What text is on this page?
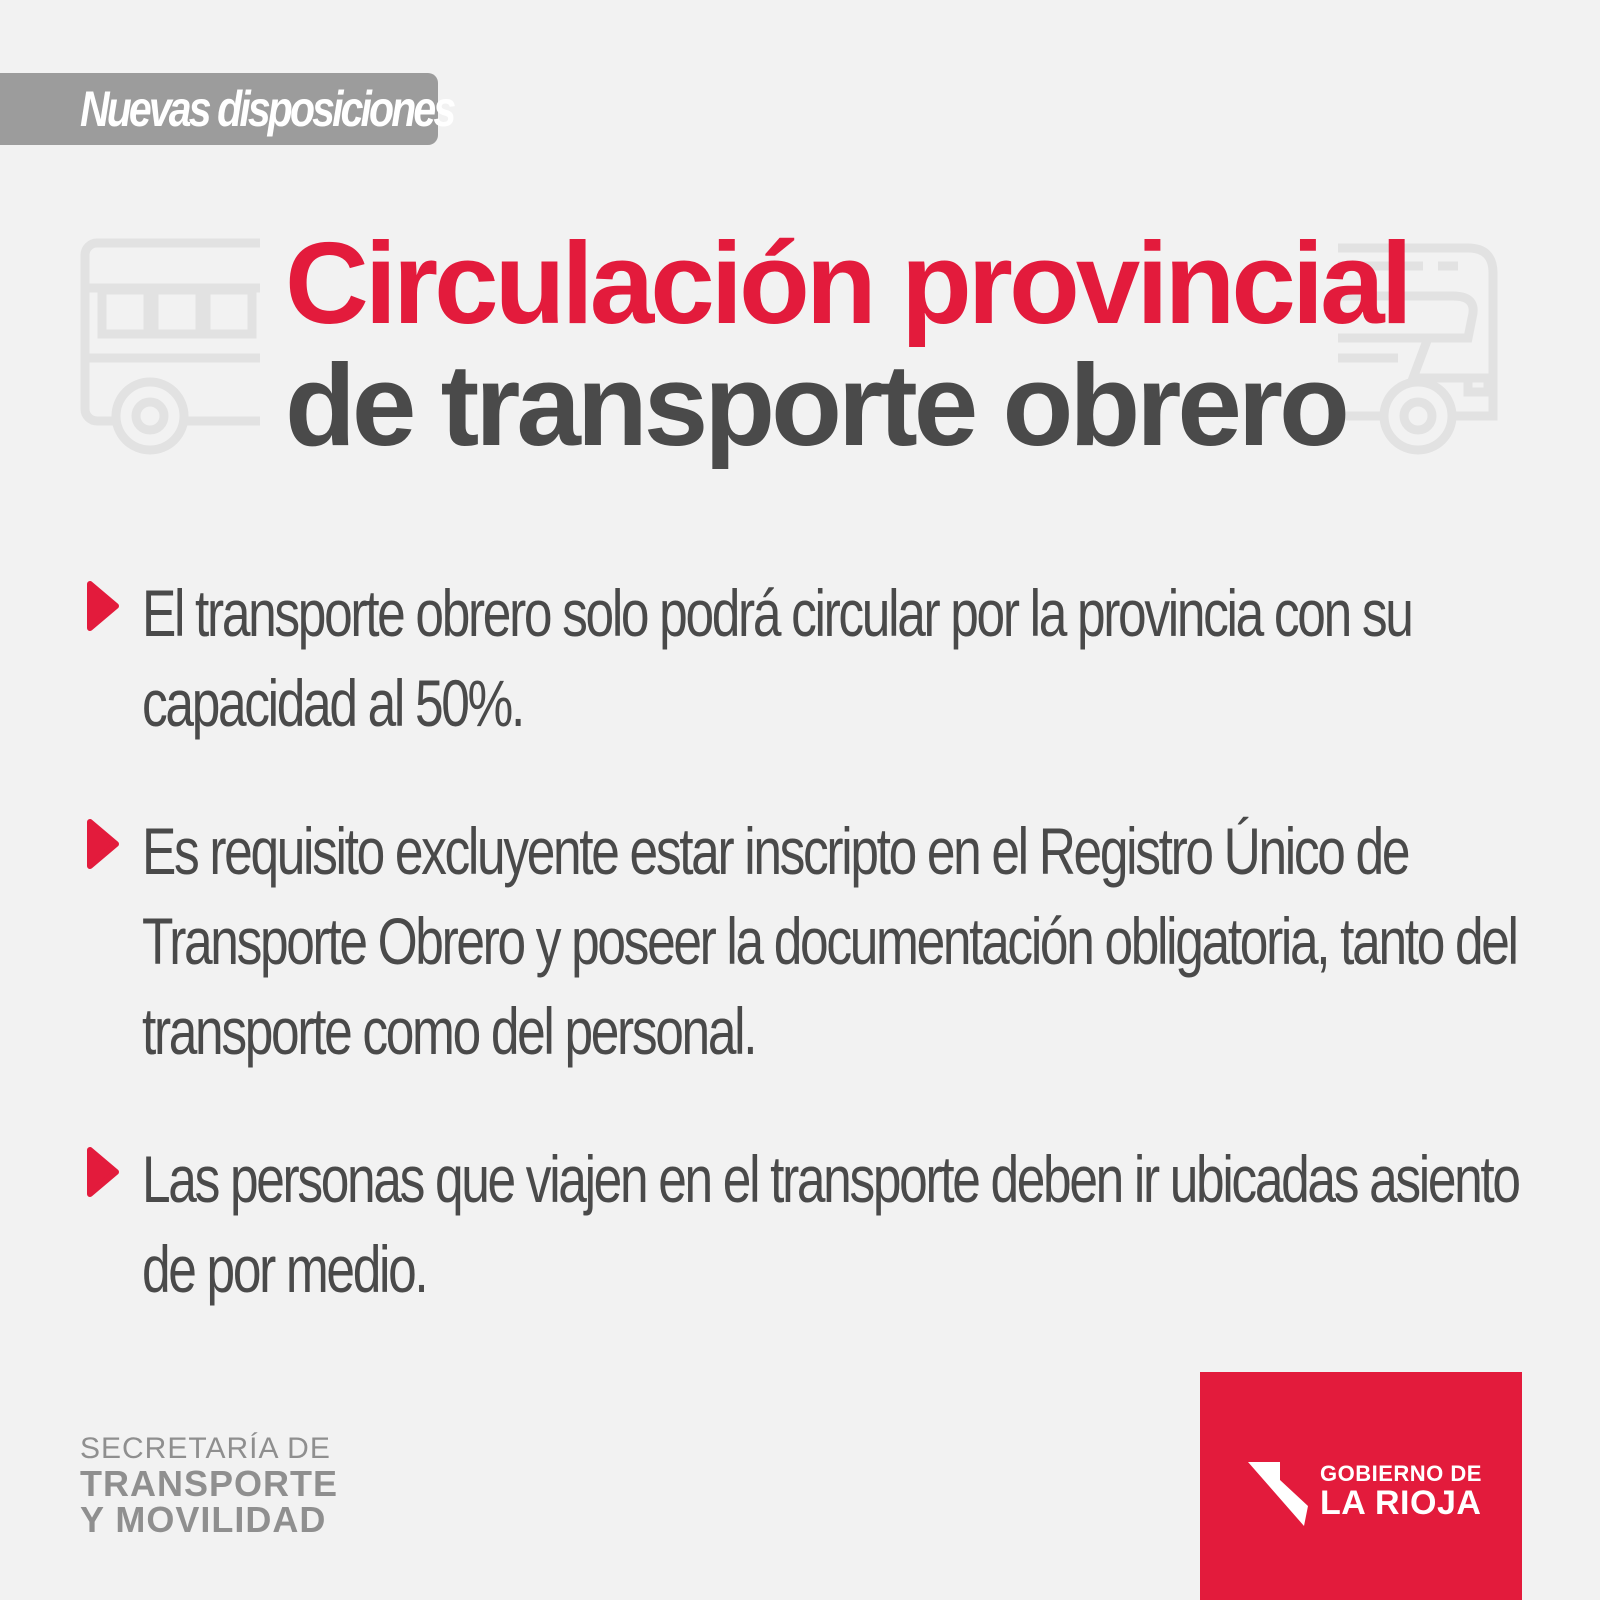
Nuevas disposiciones
Circulación provincial
de transporte obrero
El transporte obrero solo podrá circular por la provincia con su capacidad al 50%.
Es requisito excluyente estar inscripto en el Registro Único de Transporte Obrero y poseer la documentación obligatoria, tanto del transporte como del personal.
Las personas que viajen en el transporte deben ir ubicadas asiento de por medio.
SECRETARÍA DE
TRANSPORTE
Y MOVILIDAD
GOBIERNO DE
LA RIOJA
